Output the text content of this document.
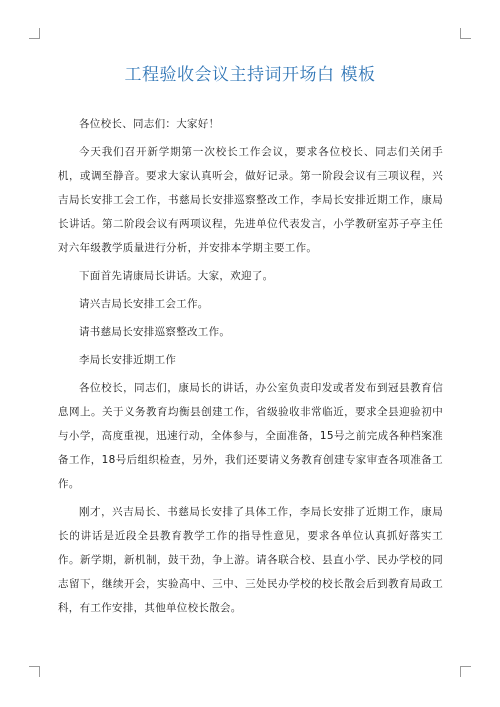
工程验收会议主持词开场白 模板

各位校长、同志们：大家好！

今天我们召开新学期第一次校长工作会议，要求各位校长、同志们关闭手机，或调至静音。要求大家认真听会，做好记录。第一阶段会议有三项议程，兴吉局长安排工会工作，书慈局长安排巡察整改工作，李局长安排近期工作，康局长讲话。第二阶段会议有两项议程，先进单位代表发言，小学教研室苏子亭主任对六年级教学质量进行分析，并安排本学期主要工作。

下面首先请康局长讲话。大家，欢迎了。

请兴吉局长安排工会工作。

请书慈局长安排巡察整改工作。

李局长安排近期工作

各位校长，同志们，康局长的讲话，办公室负责印发或者发布到冠县教育信息网上。关于义务教育均衡县创建工作，省级验收非常临近，要求全县迎验初中与小学，高度重视，迅速行动，全体参与，全面准备，15号之前完成各种档案准备工作，18号后组织检查，另外，我们还要请义务教育创建专家审查各项准备工作。

刚才，兴吉局长、书慈局长安排了具体工作，李局长安排了近期工作，康局长的讲话是近段全县教育教学工作的指导性意见，要求各单位认真抓好落实工作。新学期，新机制，鼓干劲，争上游。请各联合校、县直小学、民办学校的同志留下，继续开会，实验高中、三中、三处民办学校的校长散会后到教育局政工科，有工作安排，其他单位校长散会。
